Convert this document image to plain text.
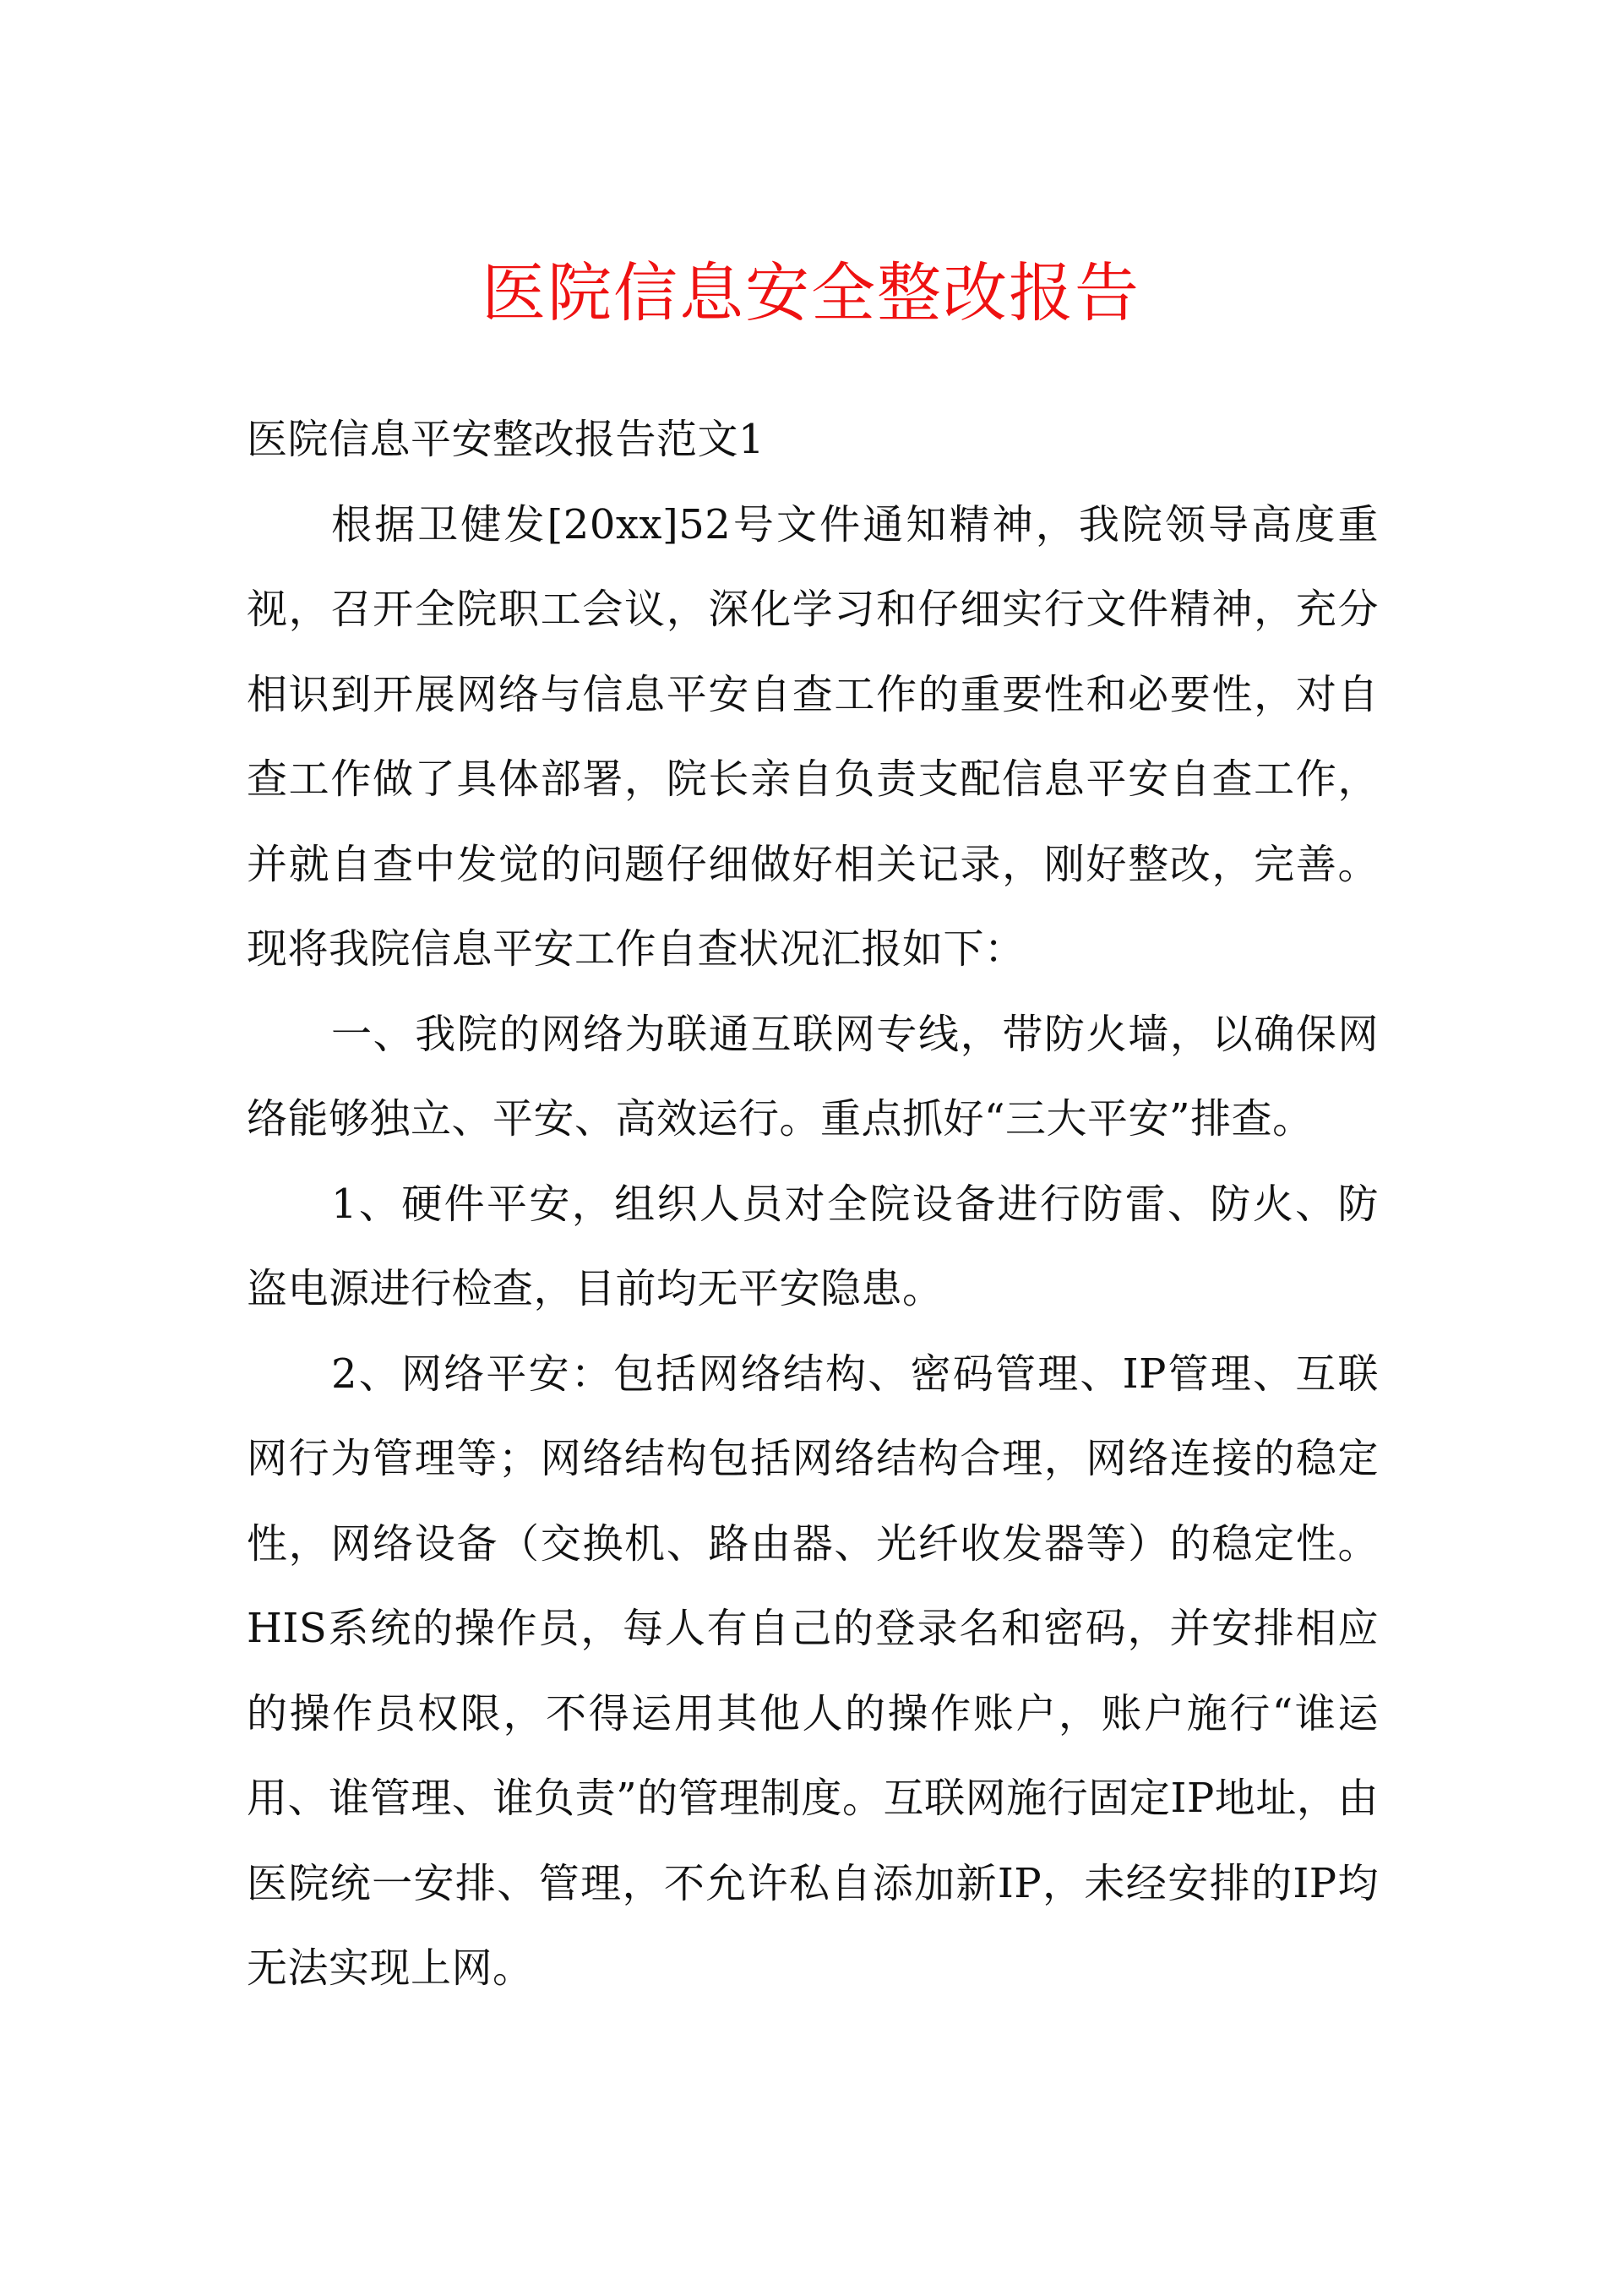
医院信息安全整改报告

医院信息平安整改报告范文1

根据卫健发[20xx]52号文件通知精神，我院领导高度重视，召开全院职工会议，深化学习和仔细实行文件精神，充分相识到开展网络与信息平安自查工作的重要性和必要性，对自查工作做了具体部署，院长亲自负责支配信息平安自查工作，并就自查中发觉的问题仔细做好相关记录，刚好整改，完善。现将我院信息平安工作自查状况汇报如下：

一、我院的网络为联通互联网专线，带防火墙，以确保网络能够独立、平安、高效运行。重点抓好“三大平安”排查。

1、硬件平安，组织人员对全院设备进行防雷、防火、防盗电源进行检查，目前均无平安隐患。

2、网络平安：包括网络结构、密码管理、IP管理、互联网行为管理等；网络结构包括网络结构合理，网络连接的稳定性，网络设备（交换机、路由器、光纤收发器等）的稳定性。HIS系统的操作员，每人有自己的登录名和密码，并安排相应的操作员权限，不得运用其他人的操作账户，账户施行“谁运用、谁管理、谁负责”的管理制度。互联网施行固定IP地址，由医院统一安排、管理，不允许私自添加新IP，未经安排的IP均无法实现上网。
